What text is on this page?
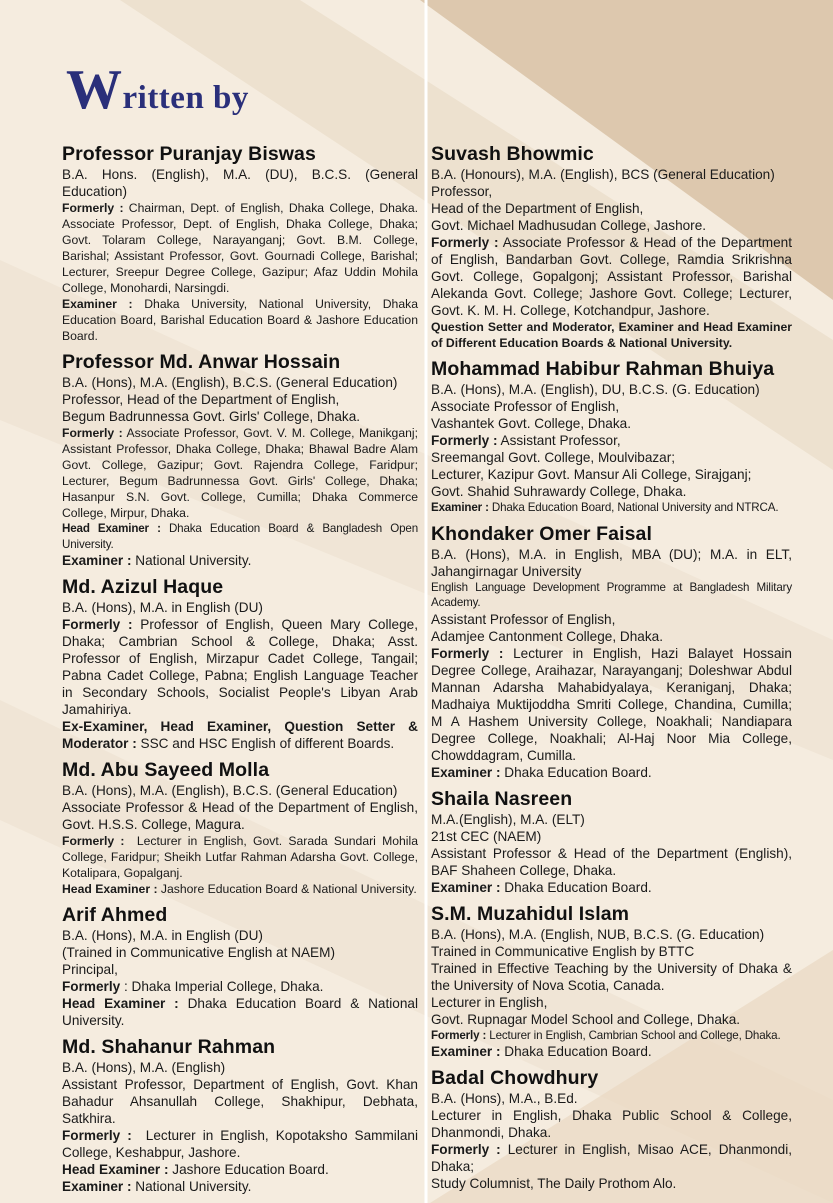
Written by
Professor Puranjay Biswas
B.A. Hons. (English), M.A. (DU), B.C.S. (General Education)
Formerly : Chairman, Dept. of English, Dhaka College, Dhaka. Associate Professor, Dept. of English, Dhaka College, Dhaka; Govt. Tolaram College, Narayanganj; Govt. B.M. College, Barishal; Assistant Professor, Govt. Gournadi College, Barishal; Lecturer, Sreepur Degree College, Gazipur; Afaz Uddin Mohila College, Monohardi, Narsingdi.
Examiner : Dhaka University, National University, Dhaka Education Board, Barishal Education Board & Jashore Education Board.
Professor Md. Anwar Hossain
B.A. (Hons), M.A. (English), B.C.S. (General Education)
Professor, Head of the Department of English,
Begum Badrunnessa Govt. Girls' College, Dhaka.
Formerly : Associate Professor, Govt. V. M. College, Manikganj; Assistant Professor, Dhaka College, Dhaka; Bhawal Badre Alam Govt. College, Gazipur; Govt. Rajendra College, Faridpur; Lecturer, Begum Badrunnessa Govt. Girls' College, Dhaka; Hasanpur S.N. Govt. College, Cumilla; Dhaka Commerce College, Mirpur, Dhaka.
Head Examiner : Dhaka Education Board & Bangladesh Open University.
Examiner : National University.
Md. Azizul Haque
B.A. (Hons), M.A. in English (DU)
Formerly : Professor of English, Queen Mary College, Dhaka; Cambrian School & College, Dhaka; Asst. Professor of English, Mirzapur Cadet College, Tangail; Pabna Cadet College, Pabna; English Language Teacher in Secondary Schools, Socialist People's Libyan Arab Jamahiriya.
Ex-Examiner, Head Examiner, Question Setter & Moderator : SSC and HSC English of different Boards.
Md. Abu Sayeed Molla
B.A. (Hons), M.A. (English), B.C.S. (General Education)
Associate Professor & Head of the Department of English, Govt. H.S.S. College, Magura.
Formerly :  Lecturer in English, Govt. Sarada Sundari Mohila College, Faridpur; Sheikh Lutfar Rahman Adarsha Govt. College, Kotalipara, Gopalganj.
Head Examiner : Jashore Education Board & National University.
Arif Ahmed
B.A. (Hons), M.A. in English (DU)
(Trained in Communicative English at NAEM)
Principal,
Formerly : Dhaka Imperial College, Dhaka.
Head Examiner : Dhaka Education Board & National University.
Md. Shahanur Rahman
B.A. (Hons), M.A. (English)
Assistant Professor, Department of English, Govt. Khan Bahadur Ahsanullah College, Shakhipur, Debhata, Satkhira.
Formerly :  Lecturer in English, Kopotaksho Sammilani College, Keshabpur, Jashore.
Head Examiner : Jashore Education Board.
Examiner : National University.
Suvash Bhowmic
B.A. (Honours), M.A. (English), BCS (General Education)
Professor,
Head of the Department of English,
Govt. Michael Madhusudan College, Jashore.
Formerly : Associate Professor & Head of the Department of English, Bandarban Govt. College, Ramdia Srikrishna Govt. College, Gopalgonj; Assistant Professor, Barishal Alekanda Govt. College; Jashore Govt. College; Lecturer, Govt. K. M. H. College, Kotchandpur, Jashore.
Question Setter and Moderator, Examiner and Head Examiner of Different Education Boards & National University.
Mohammad Habibur Rahman Bhuiya
B.A. (Hons), M.A. (English), DU, B.C.S. (G. Education)
Associate Professor of English,
Vashantek Govt. College, Dhaka.
Formerly : Assistant Professor,
Sreemangal Govt. College, Moulvibazar;
Lecturer, Kazipur Govt. Mansur Ali College, Sirajganj;
Govt. Shahid Suhrawardy College, Dhaka.
Examiner : Dhaka Education Board, National University and NTRCA.
Khondaker Omer Faisal
B.A. (Hons), M.A. in English, MBA (DU); M.A. in ELT, Jahangirnagar University
English Language Development Programme at Bangladesh Military Academy.
Assistant Professor of English,
Adamjee Cantonment College, Dhaka.
Formerly : Lecturer in English, Hazi Balayet Hossain Degree College, Araihazar, Narayanganj; Doleshwar Abdul Mannan Adarsha Mahabidyalaya, Keraniganj, Dhaka; Madhaiya Muktijoddha Smriti College, Chandina, Cumilla; M A Hashem University College, Noakhali; Nandiapara Degree College, Noakhali; Al-Haj Noor Mia College, Chowddagram, Cumilla.
Examiner : Dhaka Education Board.
Shaila Nasreen
M.A.(English), M.A. (ELT)
21st CEC (NAEM)
Assistant Professor & Head of the Department (English), BAF Shaheen College, Dhaka.
Examiner : Dhaka Education Board.
S.M. Muzahidul Islam
B.A. (Hons), M.A. (English, NUB, B.C.S. (G. Education)
Trained in Communicative English by BTTC
Trained in Effective Teaching by the University of Dhaka & the University of Nova Scotia, Canada.
Lecturer in English,
Govt. Rupnagar Model School and College, Dhaka.
Formerly : Lecturer in English, Cambrian School and College, Dhaka.
Examiner : Dhaka Education Board.
Badal Chowdhury
B.A. (Hons), M.A., B.Ed.
Lecturer in English, Dhaka Public School & College, Dhanmondi, Dhaka.
Formerly : Lecturer in English, Misao ACE, Dhanmondi, Dhaka;
Study Columnist, The Daily Prothom Alo.
